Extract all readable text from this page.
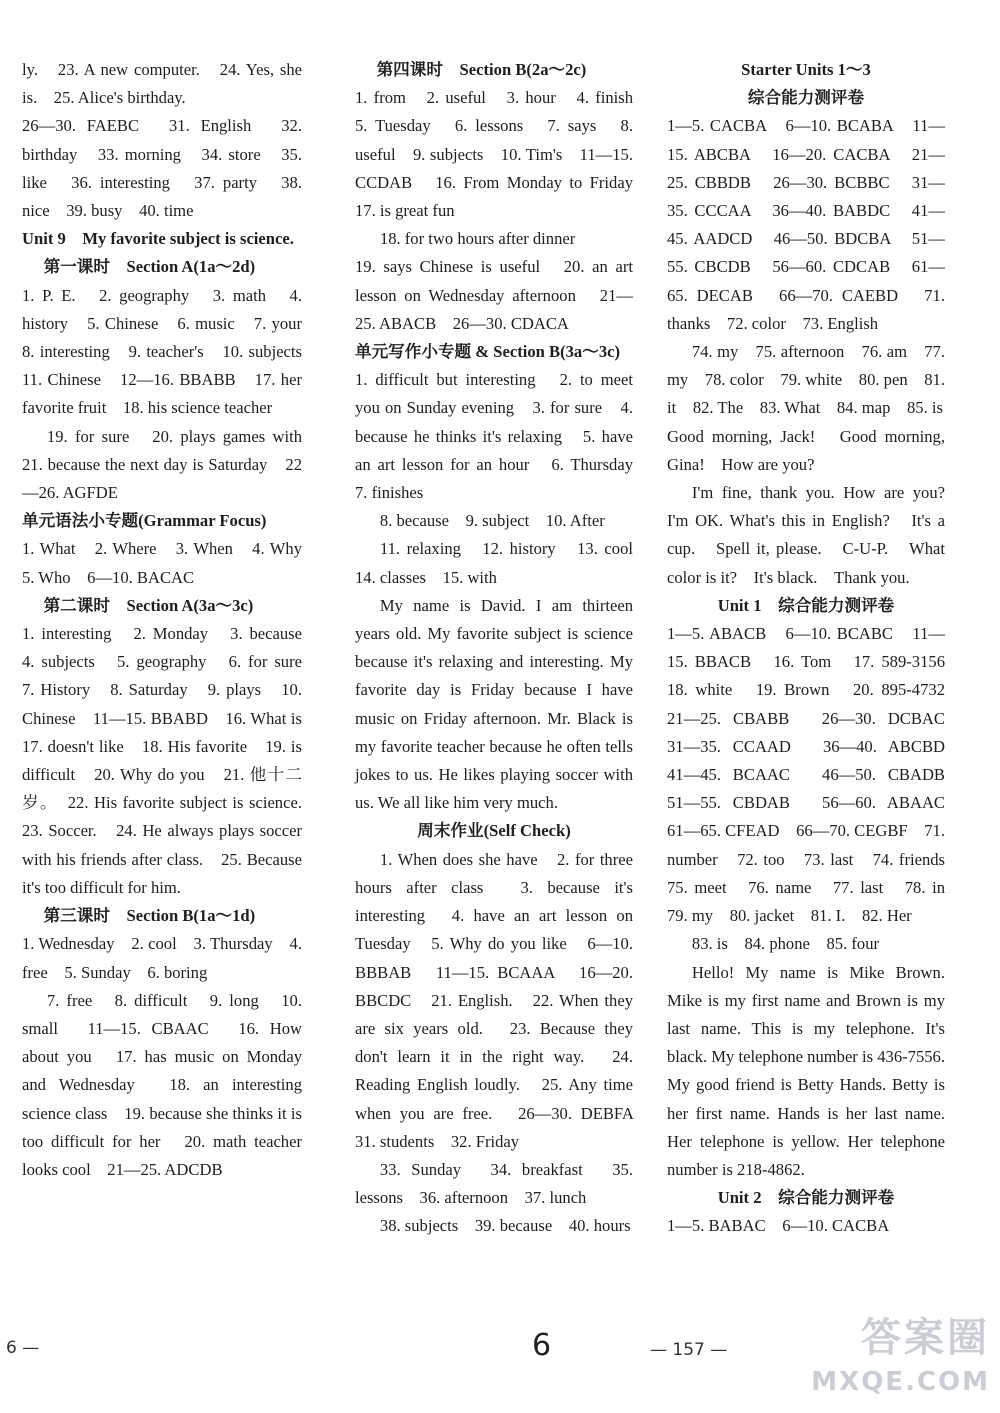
ly.　23. A new computer.　24. Yes, she is.　25. Alice's birthday.
26—30. FAEBC　31. English　32. birthday　33. morning　34. store　35. like　36. interesting　37. party　38. nice　39. busy　40. time
Unit 9　My favorite subject is science.
第一课时　Section A(1a～2d)
1. P. E.　2. geography　3. math　4. history　5. Chinese　6. music　7. your　8. interesting　9. teacher's　10. subjects　11. Chinese　12—16. BBABB　17. her favorite fruit　18. his science teacher
19. for sure　20. plays games with　21. because the next day is Saturday　22—26. AGFDE
单元语法小专题(Grammar Focus)
1. What　2. Where　3. When　4. Why　5. Who　6—10. BACAC
第二课时　Section A(3a～3c)
1. interesting　2. Monday　3. because　4. subjects　5. geography　6. for sure　7. History　8. Saturday　9. plays　10. Chinese　11—15. BBABD　16. What is　17. doesn't like　18. His favorite　19. is difficult　20. Why do you　21. 他十二岁。　22. His favorite subject is science.　23. Soccer.　24. He always plays soccer with his friends after class.　25. Because it's too difficult for him.
第三课时　Section B(1a～1d)
1. Wednesday　2. cool　3. Thursday　4. free　5. Sunday　6. boring
7. free　8. difficult　9. long　10. small　11—15. CBAAC　16. How about you　17. has music on Monday and Wednesday　18. an interesting science class　19. because she thinks it is too difficult for her　20. math teacher looks cool　21—25. ADCDB
第四课时　Section B(2a～2c)
1. from　2. useful　3. hour　4. finish　5. Tuesday　6. lessons　7. says　8. useful　9. subjects　10. Tim's　11—15. CCDAB　16. From Monday to Friday　17. is great fun
18. for two hours after dinner
19. says Chinese is useful　20. an art lesson on Wednesday afternoon　21—25. ABACB　26—30. CDACA
单元写作小专题 & Section B(3a～3c)
1. difficult but interesting　2. to meet you on Sunday evening　3. for sure　4. because he thinks it's relaxing　5. have an art lesson for an hour　6. Thursday　7. finishes
8. because　9. subject　10. After
11. relaxing　12. history　13. cool　14. classes　15. with
My name is David. I am thirteen years old. My favorite subject is science because it's relaxing and interesting. My favorite day is Friday because I have music on Friday afternoon. Mr. Black is my favorite teacher because he often tells jokes to us. He likes playing soccer with us. We all like him very much.
周末作业(Self Check)
1. When does she have　2. for three hours after class　3. because it's interesting　4. have an art lesson on Tuesday　5. Why do you like　6—10. BBBAB　11—15. BCAAA　16—20. BBCDC　21. English.　22. When they are six years old.　23. Because they don't learn it in the right way.　24. Reading English loudly.　25. Any time when you are free.　26—30. DEBFA　31. students　32. Friday
33. Sunday　34. breakfast　35. lessons　36. afternoon　37. lunch
38. subjects　39. because　40. hours
Starter Units 1～3
综合能力测评卷
1—5. CACBA　6—10. BCABA　11—15. ABCBA　16—20. CACBA　21—25. CBBDB　26—30. BCBBC　31—35. CCCAA　36—40. BABDC　41—45. AADCD　46—50. BDCBA　51—55. CBCDB　56—60. CDCAB　61—65. DECAB　66—70. CAEBD　71. thanks　72. color　73. English
74. my　75. afternoon　76. am　77. my　78. color　79. white　80. pen　81. it　82. The　83. What　84. map　85. is
Good morning, Jack!　Good morning, Gina!　How are you?
I'm fine, thank you. How are you?　I'm OK. What's this in English?　It's a cup.　Spell it, please.　C-U-P.　What color is it?　It's black.　Thank you.
Unit 1　综合能力测评卷
1—5. ABACB　6—10. BCABC　11—15. BBACB　16. Tom　17. 589-3156　18. white　19. Brown　20. 895-4732　21—25. CBABB　26—30. DCBAC　31—35. CCAAD　36—40. ABCBD　41—45. BCAAC　46—50. CBADB　51—55. CBDAB　56—60. ABAAC　61—65. CFEAD　66—70. CEGBF　71. number　72. too　73. last　74. friends　75. meet　76. name　77. last　78. in　79. my　80. jacket　81. I.　82. Her
83. is　84. phone　85. four
Hello! My name is Mike Brown. Mike is my first name and Brown is my last name. This is my telephone. It's black. My telephone number is 436-7556. My good friend is Betty Hands. Betty is her first name. Hands is her last name. Her telephone is yellow. Her telephone number is 218-4862.
Unit 2　综合能力测评卷
1—5. BABAC　6—10. CACBA
6 —	6	— 157 —	答案圈
MXQE.COM
